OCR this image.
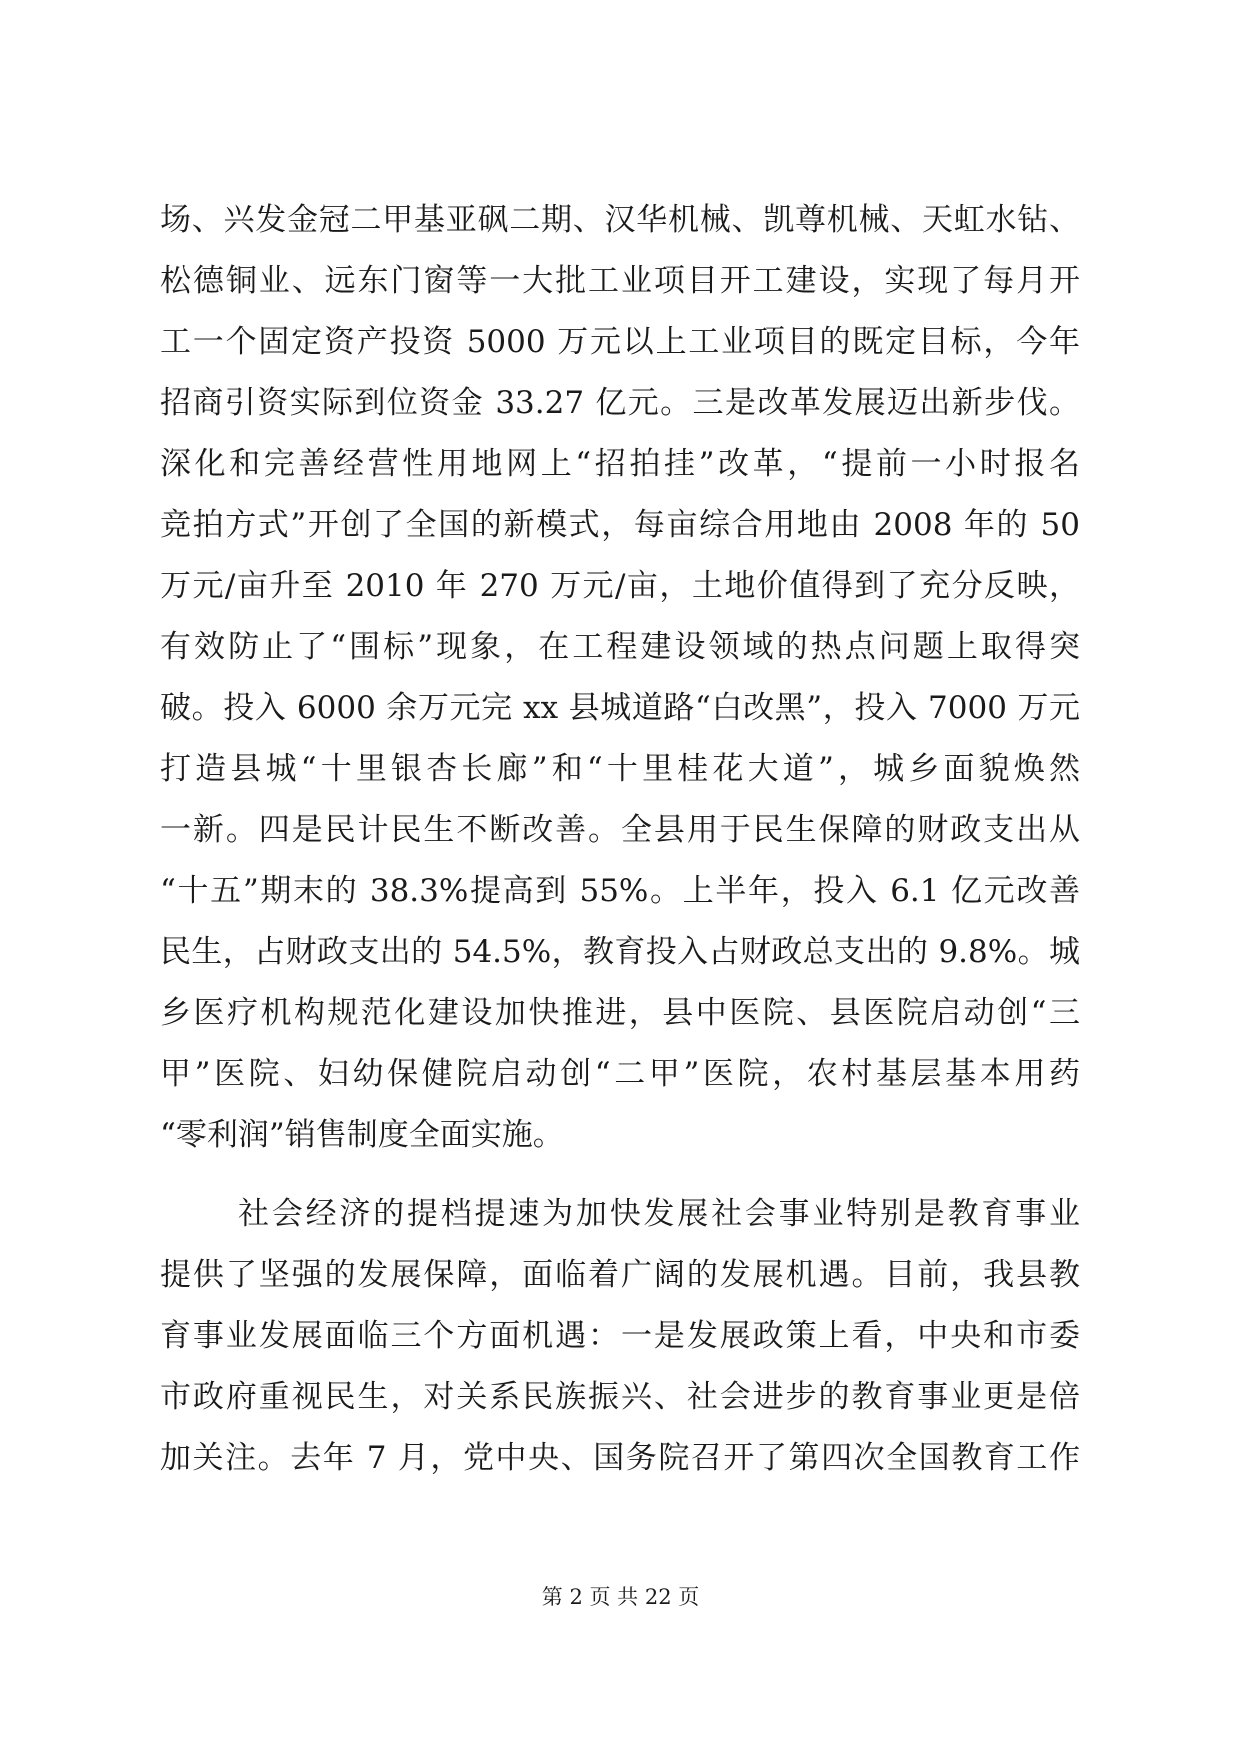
场、兴发金冠二甲基亚砜二期、汉华机械、凯尊机械、天虹水钻、
松德铜业、远东门窗等一大批工业项目开工建设，实现了每月开
工一个固定资产投资 5000 万元以上工业项目的既定目标，今年
招商引资实际到位资金 33.27 亿元。三是改革发展迈出新步伐。
深化和完善经营性用地网上“招拍挂”改革，“提前一小时报名
竞拍方式”开创了全国的新模式，每亩综合用地由 2008 年的 50
万元/亩升至 2010 年 270 万元/亩，土地价值得到了充分反映，
有效防止了“围标”现象，在工程建设领域的热点问题上取得突
破。投入 6000 余万元完 xx 县城道路“白改黑”，投入 7000 万元
打造县城“十里银杏长廊”和“十里桂花大道”，城乡面貌焕然
一新。四是民计民生不断改善。全县用于民生保障的财政支出从
“十五”期末的 38.3%提高到 55%。上半年，投入 6.1 亿元改善
民生，占财政支出的 54.5%，教育投入占财政总支出的 9.8%。城
乡医疗机构规范化建设加快推进，县中医院、县医院启动创“三
甲”医院、妇幼保健院启动创“二甲”医院，农村基层基本用药
“零利润”销售制度全面实施。
社会经济的提档提速为加快发展社会事业特别是教育事业
提供了坚强的发展保障，面临着广阔的发展机遇。目前，我县教
育事业发展面临三个方面机遇：一是发展政策上看，中央和市委
市政府重视民生，对关系民族振兴、社会进步的教育事业更是倍
加关注。去年 7 月，党中央、国务院召开了第四次全国教育工作
第 2 页 共 22 页
